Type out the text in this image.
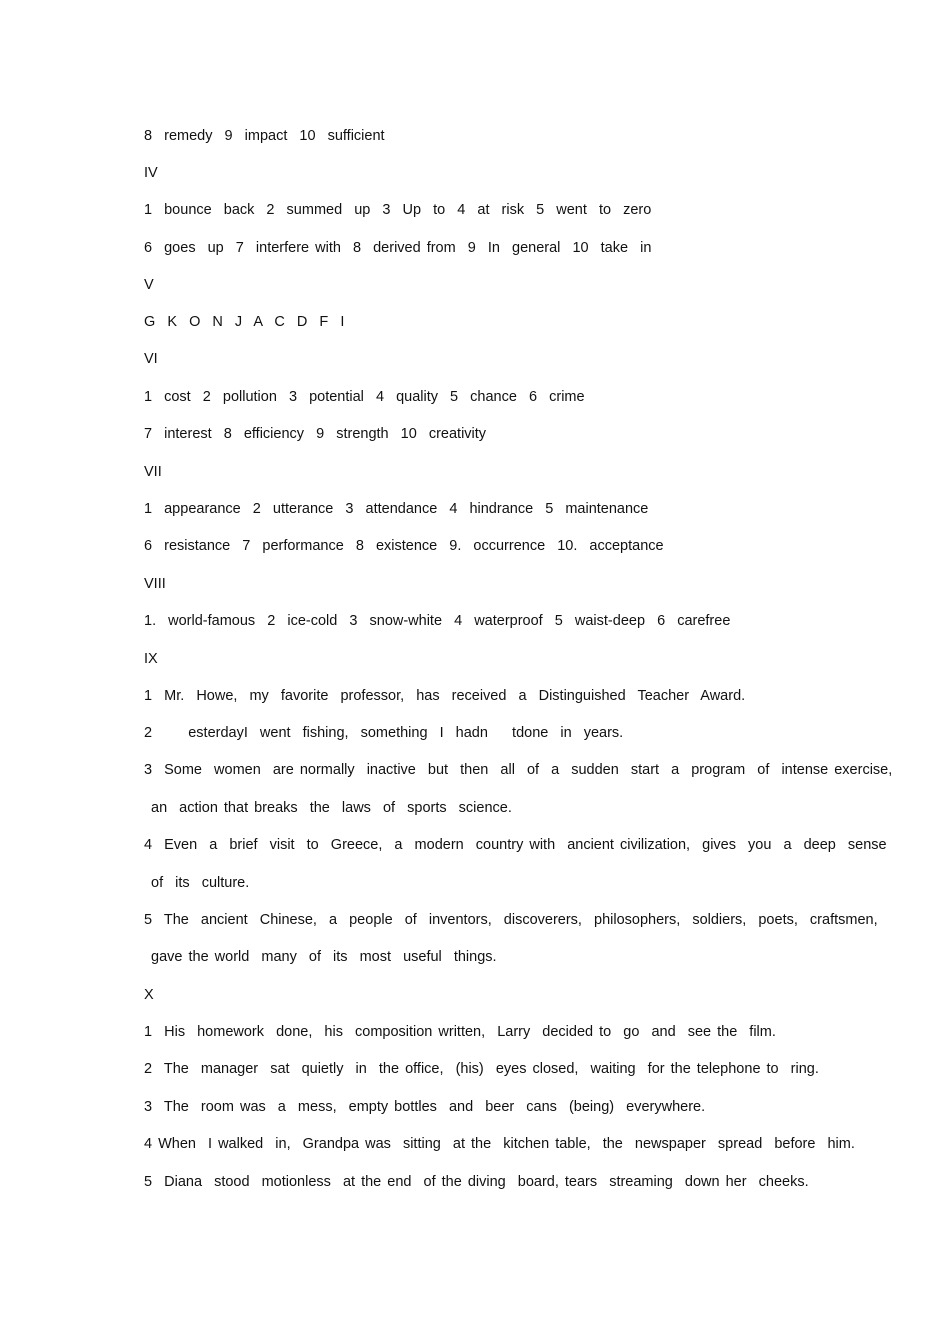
8  remedy  9  impact  10  sufficient
IV
1  bounce  back  2  summed  up  3  Up  to  4  at  risk  5  went  to  zero
6  goes  up  7  interfere with  8  derived from  9  In  general  10  take  in
V
G  K  O  N  J  A  C  D  F  I
VI
1  cost  2  pollution  3  potential  4  quality  5  chance  6  crime
7  interest  8  efficiency  9  strength  10  creativity
VII
1  appearance  2  utterance  3  attendance  4  hindrance  5  maintenance
6  resistance  7  performance  8  existence  9.  occurrence  10.  acceptance
VIII
1.  world-famous  2  ice-cold  3  snow-white  4  waterproof  5  waist-deep  6  carefree
IX
1  Mr.  Howe,  my  favorite  professor,  has  received  a  Distinguished  Teacher  Award.
2      esterdayI  went  fishing,  something  I  hadn    tdone  in  years.
3  Some  women  are normally  inactive  but  then  all  of  a  sudden  start  a  program  of  intense exercise,
an  action that breaks  the  laws  of  sports  science.
4  Even  a  brief  visit  to  Greece,  a  modern  country with  ancient civilization,  gives  you  a  deep  sense
of  its  culture.
5  The  ancient  Chinese,  a  people  of  inventors,  discoverers,  philosophers,  soldiers,  poets,  craftsmen,
gave the world  many  of  its  most  useful  things.
X
1  His  homework  done,  his  composition written,  Larry  decided to  go  and  see the  film.
2  The  manager  sat  quietly  in  the office,  (his)  eyes closed,  waiting  for the telephone to  ring.
3  The  room was  a  mess,  empty bottles  and  beer  cans  (being)  everywhere.
4 When  I walked  in,  Grandpa was  sitting  at the  kitchen table,  the  newspaper  spread  before  him.
5  Diana  stood  motionless  at the end  of the diving  board, tears  streaming  down her  cheeks.
